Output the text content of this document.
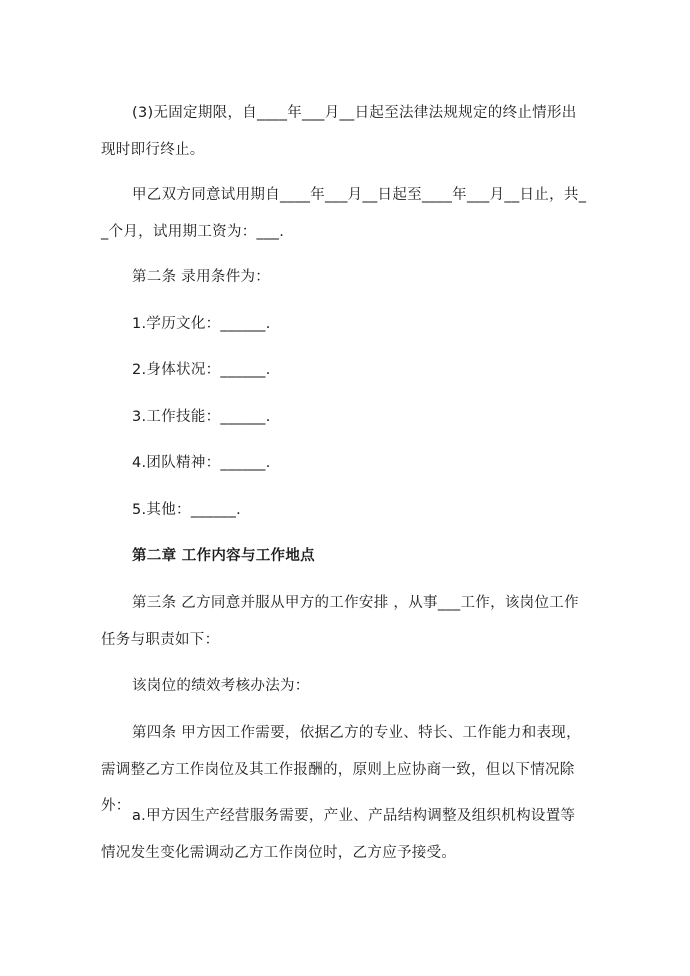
(3)无固定期限，自____年___月__日起至法律法规规定的终止情形出现时即行终止。

甲乙双方同意试用期自____年___月__日起至____年___月__日止，共__个月，试用期工资为：___.

第二条 录用条件为：

1.学历文化：______.

2.身体状况：______.

3.工作技能：______.

4.团队精神：______.

5.其他：______.

第二章 工作内容与工作地点

第三条 乙方同意并服从甲方的工作安排 ，从事___工作，该岗位工作任务与职责如下：

该岗位的绩效考核办法为：

第四条 甲方因工作需要，依据乙方的专业、特长、工作能力和表现，需调整乙方工作岗位及其工作报酬的，原则上应协商一致，但以下情况除外：

a.甲方因生产经营服务需要，产业、产品结构调整及组织机构设置等情况发生变化需调动乙方工作岗位时，乙方应予接受。
